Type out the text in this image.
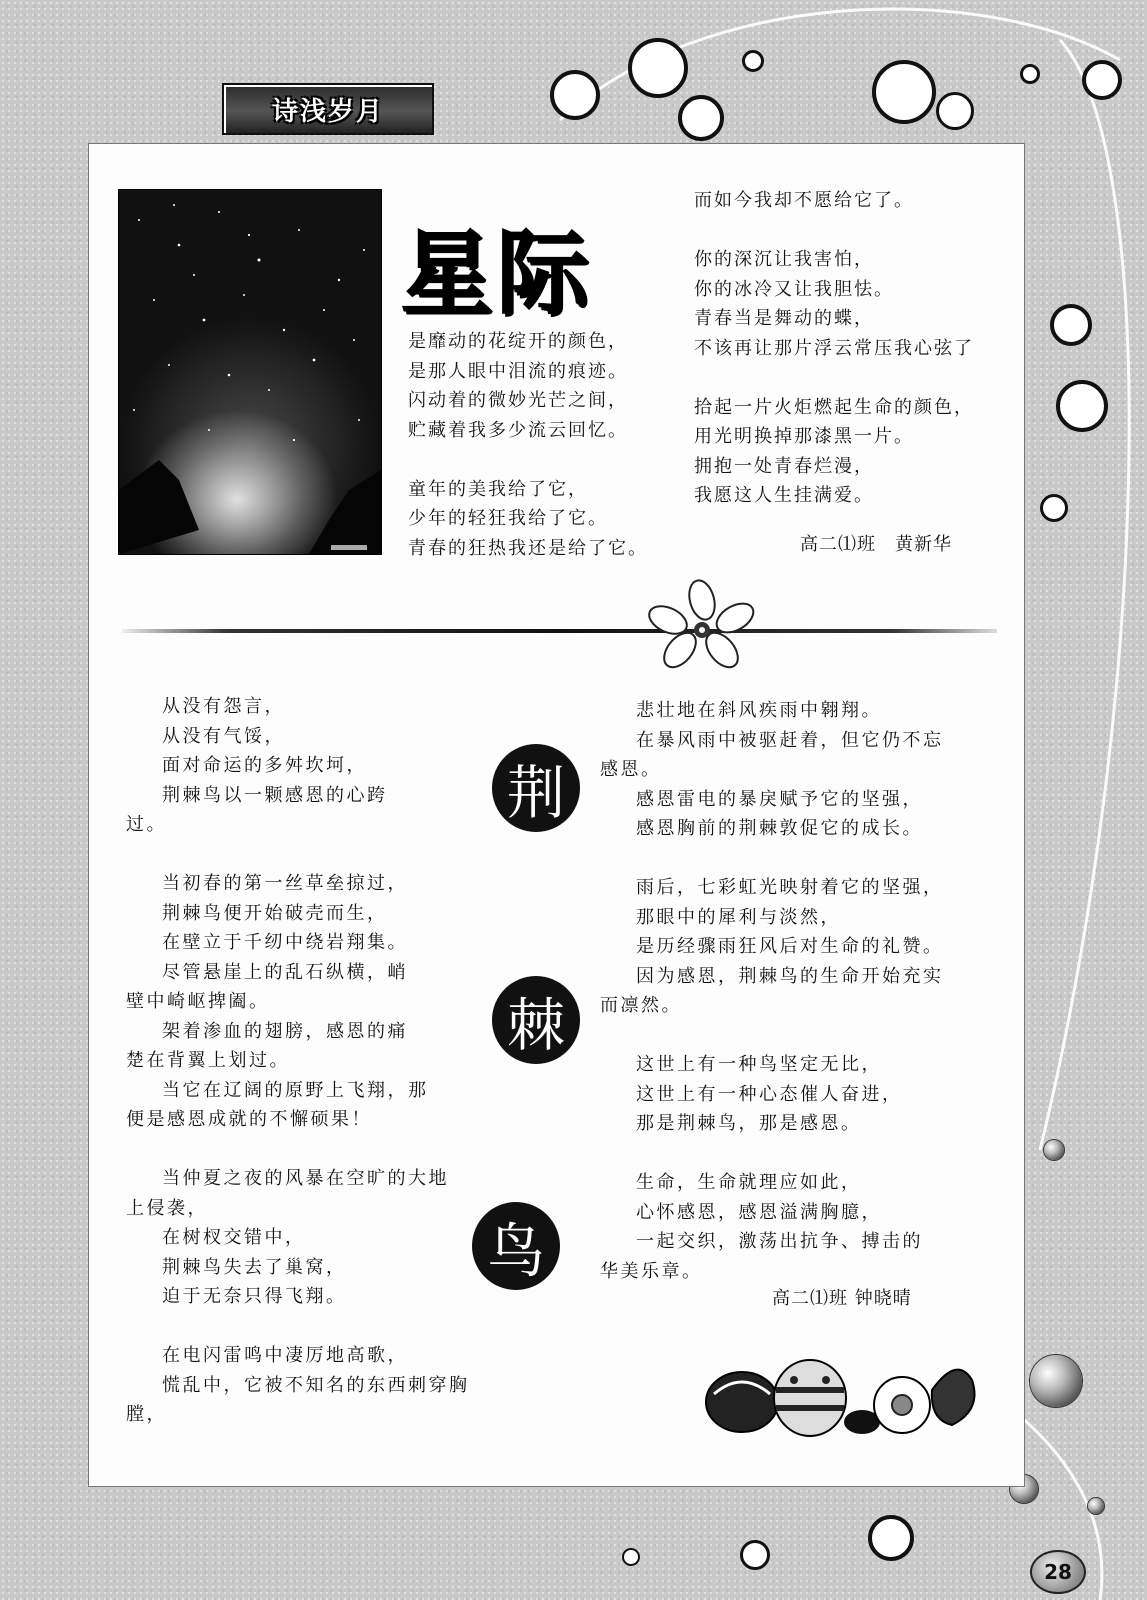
诗浅岁月
星际
是靡动的花绽开的颜色，
是那人眼中泪流的痕迹。
闪动着的微妙光芒之间，
贮藏着我多少流云回忆。
童年的美我给了它，
少年的轻狂我给了它。
青春的狂热我还是给了它。
而如今我却不愿给它了。
你的深沉让我害怕，
你的冰冷又让我胆怯。
青春当是舞动的蝶，
不该再让那片浮云常压我心弦了
拾起一片火炬燃起生命的颜色，
用光明换掉那漆黑一片。
拥抱一处青春烂漫，
我愿这人生挂满爱。
高二⑴班　黄新华
荆
棘
鸟

从没有怨言，

从没有气馁，

面对命运的多舛坎坷，

荆棘鸟以一颗感恩的心跨

过。

当初春的第一丝草垒掠过，

荆棘鸟便开始破壳而生，

在壁立于千纫中绕岩翔集。

尽管悬崖上的乱石纵横，峭

壁中崎岖捭阖。

架着渗血的翅膀，感恩的痛

楚在背翼上划过。

当它在辽阔的原野上飞翔，那

便是感恩成就的不懈硕果！

当仲夏之夜的风暴在空旷的大地

上侵袭，

在树杈交错中，

荆棘鸟失去了巢窝，

迫于无奈只得飞翔。

在电闪雷鸣中凄厉地高歌，

慌乱中，它被不知名的东西刺穿胸

膛，

悲壮地在斜风疾雨中翱翔。

在暴风雨中被驱赶着，但它仍不忘

感恩。

感恩雷电的暴戾赋予它的坚强，

感恩胸前的荆棘敦促它的成长。

雨后，七彩虹光映射着它的坚强，

那眼中的犀利与淡然，

是历经骤雨狂风后对生命的礼赞。

因为感恩，荆棘鸟的生命开始充实

而凛然。

这世上有一种鸟坚定无比，

这世上有一种心态催人奋进，

那是荆棘鸟，那是感恩。

生命，生命就理应如此，

心怀感恩，感恩溢满胸臆，

一起交织，激荡出抗争、搏击的

华美乐章。

高二⑴班 钟晓晴
28
